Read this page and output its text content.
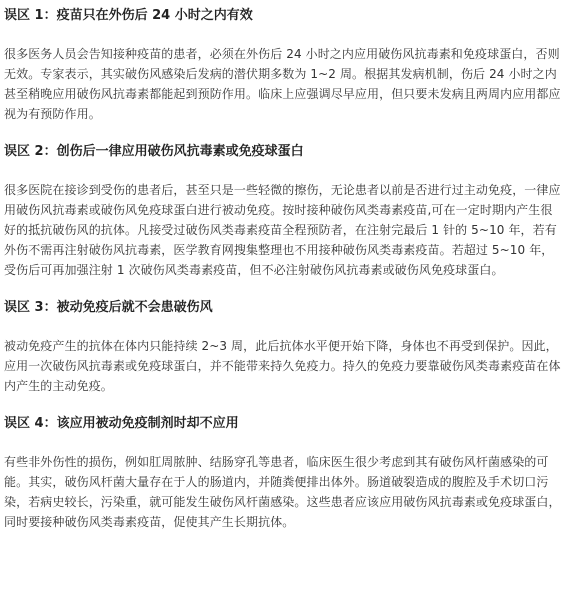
误区 1：疫苗只在外伤后 24 小时之内有效

很多医务人员会告知接种疫苗的患者，必须在外伤后 24 小时之内应用破伤风抗毒素和免疫球蛋白，否则无效。专家表示，其实破伤风感染后发病的潜伏期多数为 1~2 周。根据其发病机制，伤后 24 小时之内甚至稍晚应用破伤风抗毒素都能起到预防作用。临床上应强调尽早应用，但只要未发病且两周内应用都应视为有预防作用。

误区 2：创伤后一律应用破伤风抗毒素或免疫球蛋白

很多医院在接诊到受伤的患者后，甚至只是一些轻微的擦伤，无论患者以前是否进行过主动免疫，一律应用破伤风抗毒素或破伤风免疫球蛋白进行被动免疫。按时接种破伤风类毒素疫苗,可在一定时期内产生很好的抵抗破伤风的抗体。凡接受过破伤风类毒素疫苗全程预防者，在注射完最后 1 针的 5~10 年，若有外伤不需再注射破伤风抗毒素，医学教育网搜集整理也不用接种破伤风类毒素疫苗。若超过 5~10 年，受伤后可再加强注射 1 次破伤风类毒素疫苗，但不必注射破伤风抗毒素或破伤风免疫球蛋白。

误区 3：被动免疫后就不会患破伤风

被动免疫产生的抗体在体内只能持续 2~3 周，此后抗体水平便开始下降，身体也不再受到保护。因此，应用一次破伤风抗毒素或免疫球蛋白，并不能带来持久免疫力。持久的免疫力要靠破伤风类毒素疫苗在体内产生的主动免疫。

误区 4：该应用被动免疫制剂时却不应用

有些非外伤性的损伤，例如肛周脓肿、结肠穿孔等患者，临床医生很少考虑到其有破伤风杆菌感染的可能。其实，破伤风杆菌大量存在于人的肠道内，并随粪便排出体外。肠道破裂造成的腹腔及手术切口污染，若病史较长，污染重，就可能发生破伤风杆菌感染。这些患者应该应用破伤风抗毒素或免疫球蛋白，同时要接种破伤风类毒素疫苗，促使其产生长期抗体。
